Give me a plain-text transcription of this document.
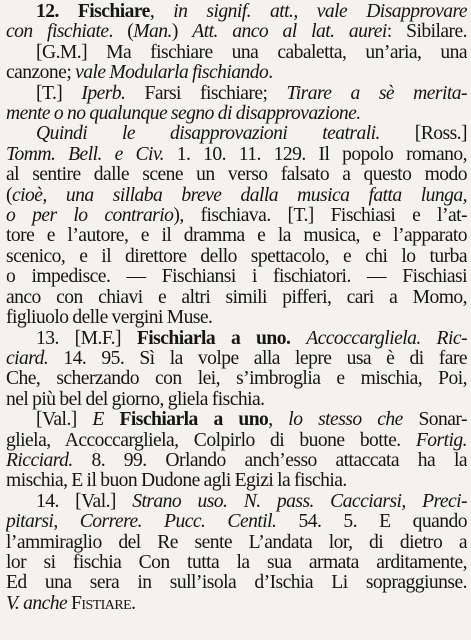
12. Fischiare, in signif. att., vale Disapprovare
con fischiate. (Man.) Att. anco al lat. aurei: Sibilare.
[G.M.] Ma fischiare una cabaletta, un’aria, una
canzone; vale Modularla fischiando.
[T.] Iperb. Farsi fischiare; Tirare a sè merita-
mente o no qualunque segno di disapprovazione.
Quindi le disapprovazioni teatrali. [Ross.]
Tomm. Bell. e Civ. 1. 10. 11. 129. Il popolo romano,
al sentire dalle scene un verso falsato a questo modo
(cioè, una sillaba breve dalla musica fatta lunga,
o per lo contrario), fischiava. [T.] Fischiasi e l’at-
tore e l’autore, e il dramma e la musica, e l’apparato
scenico, e il direttore dello spettacolo, e chi lo turba
o impedisce. — Fischiansi i fischiatori. — Fischiasi
anco con chiavi e altri simili pifferi, cari a Momo,
figliuolo delle vergini Muse.
13. [M.F.] Fischiarla a uno. Accoccargliela. Ric-
ciard. 14. 95. Sì la volpe alla lepre usa è di fare
Che, scherzando con lei, s’imbroglia e mischia, Poi,
nel più bel del giorno, gliela fischia.
[Val.] E Fischiarla a uno, lo stesso che Sonar-
gliela, Accoccargliela, Colpirlo di buone botte. Fortig.
Ricciard. 8. 99. Orlando anch’esso attaccata ha la
mischia, E il buon Dudone agli Egizi la fischia.
14. [Val.] Strano uso. N. pass. Cacciarsi, Preci-
pitarsi, Correre. Pucc. Centil. 54. 5. E quando
l’ammiraglio del Re sente L’andata lor, di dietro a
lor si fischia Con tutta la sua armata arditamente,
Ed una sera in sull’isola d’Ischia Li sopraggiunse.
V. anche Fistiare.
